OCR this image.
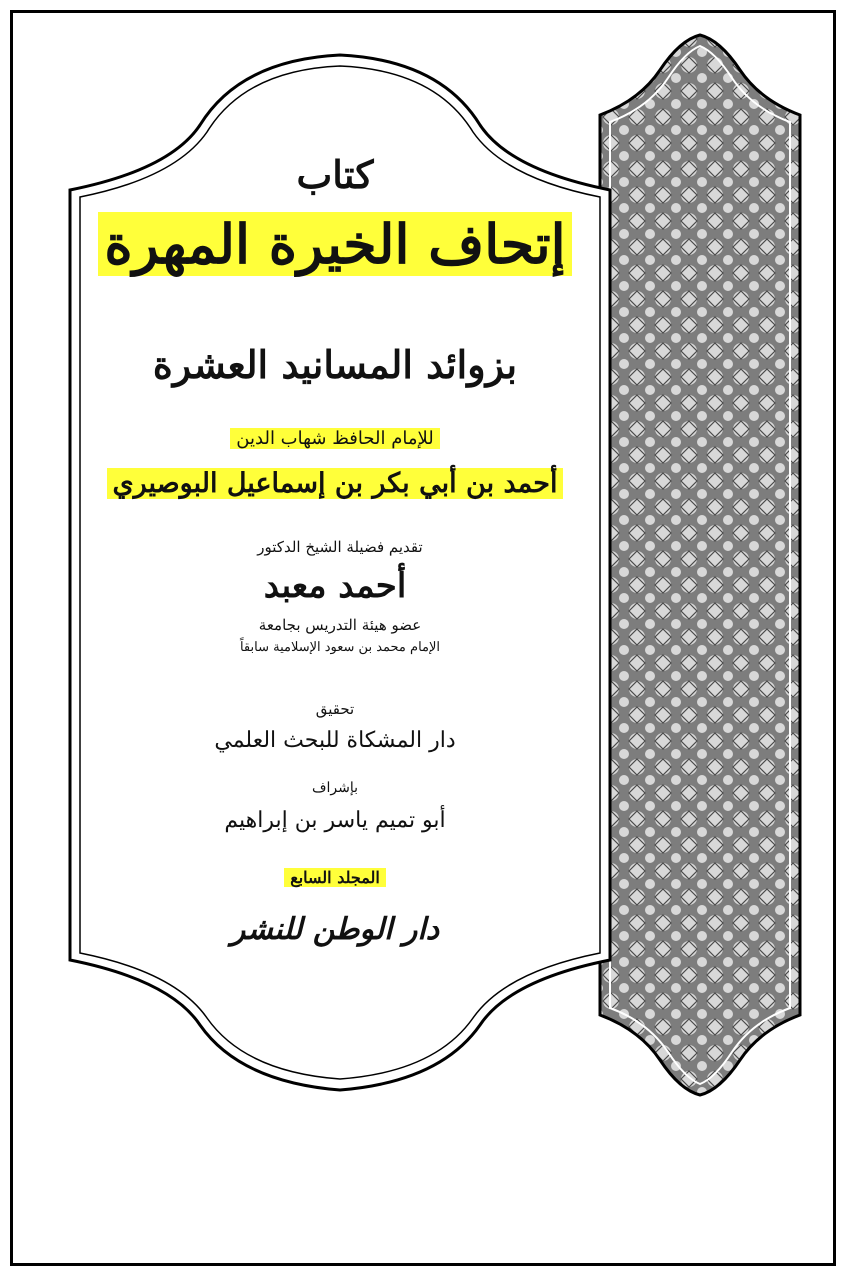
كتاب
إتحاف الخيرة المهرة
بزوائد المسانيد العشرة
للإمام الحافظ شهاب الدين
أحمد بن أبي بكر بن إسماعيل البوصيري
تقديم فضيلة الشيخ الدكتور
أحمد معبد
عضو هيئة التدريس بجامعة
الإمام محمد بن سعود الإسلامية سابقاً
تحقيق
دار المشكاة للبحث العلمي
بإشراف
أبو تميم ياسر بن إبراهيم
المجلد السابع
دار الوطن للنشر
